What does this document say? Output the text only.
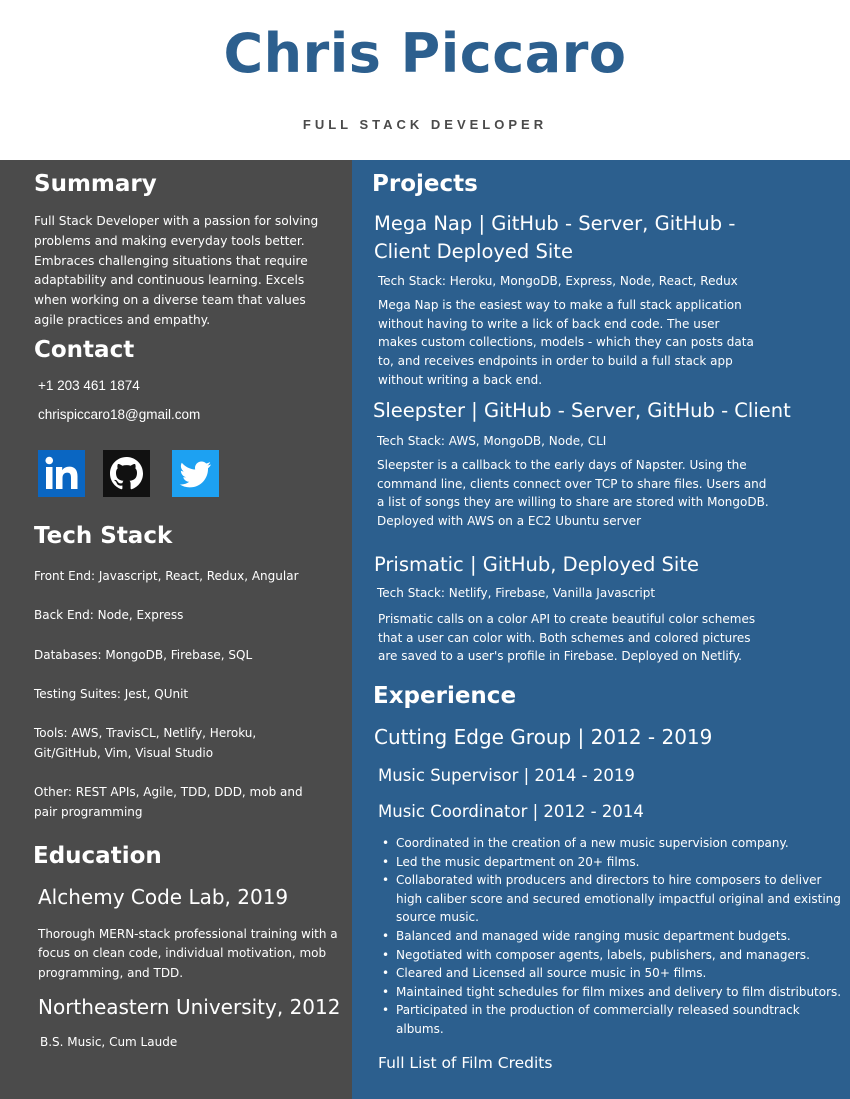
Chris Piccaro
FULL STACK DEVELOPER
Summary
Full Stack Developer with a passion for solving problems and making everyday tools better. Embraces challenging situations that require adaptability and continuous learning. Excels when working on a diverse team that values agile practices and empathy.
Contact
+1 203 461 1874
chrispiccaro18@gmail.com
Tech Stack
Front End: Javascript, React, Redux, Angular
Back End: Node, Express
Databases: MongoDB, Firebase, SQL
Testing Suites: Jest, QUnit
Tools: AWS, TravisCL, Netlify, Heroku, Git/GitHub, Vim, Visual Studio
Other: REST APIs, Agile, TDD, DDD, mob and pair programming
Education
Alchemy Code Lab, 2019
Thorough MERN-stack professional training with a focus on clean code, individual motivation, mob programming, and TDD.
Northeastern University, 2012
B.S. Music, Cum Laude
Projects
Mega Nap | GitHub - Server, GitHub - Client Deployed Site
Tech Stack: Heroku, MongoDB, Express, Node, React, Redux
Mega Nap is the easiest way to make a full stack application without having to write a lick of back end code. The user makes custom collections, models - which they can posts data to, and receives endpoints in order to build a full stack app without writing a back end.
Sleepster | GitHub - Server, GitHub - Client
Tech Stack: AWS, MongoDB, Node, CLI
Sleepster is a callback to the early days of Napster. Using the command line, clients connect over TCP to share files. Users and a list of songs they are willing to share are stored with MongoDB. Deployed with AWS on a EC2 Ubuntu server
Prismatic | GitHub, Deployed Site
Tech Stack: Netlify, Firebase, Vanilla Javascript
Prismatic calls on a color API to create beautiful color schemes that a user can color with. Both schemes and colored pictures are saved to a user's profile in Firebase. Deployed on Netlify.
Experience
Cutting Edge Group | 2012 - 2019
Music Supervisor | 2014 - 2019
Music Coordinator | 2012 - 2014
• Coordinated in the creation of a new music supervision company.
• Led the music department on 20+ films.
• Collaborated with producers and directors to hire composers to deliver high caliber score and secured emotionally impactful original and existing source music.
• Balanced and managed wide ranging music department budgets.
• Negotiated with composer agents, labels, publishers, and managers.
• Cleared and Licensed all source music in 50+ films.
• Maintained tight schedules for film mixes and delivery to film distributors.
• Participated in the production of commercially released soundtrack albums.
Full List of Film Credits
